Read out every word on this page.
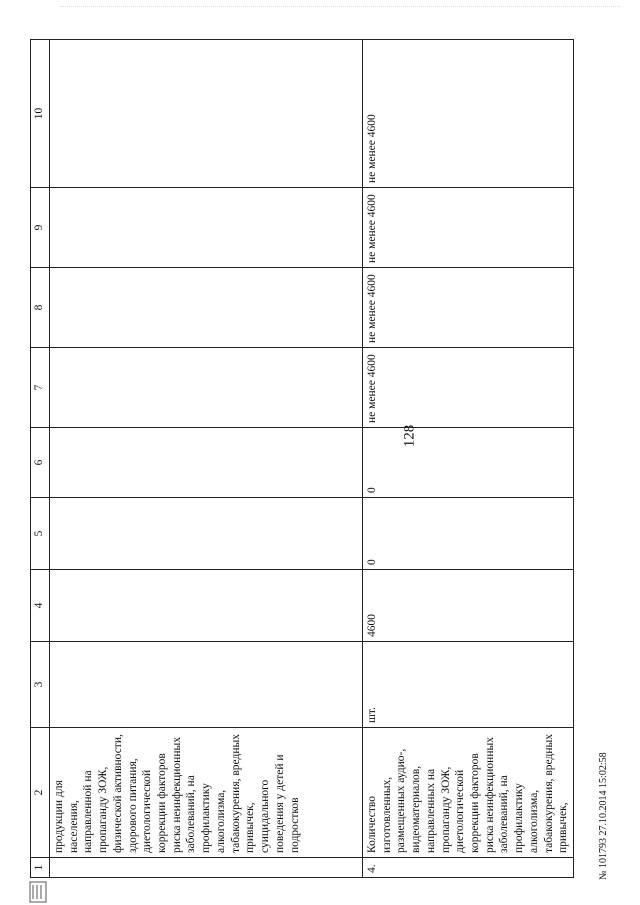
128
1	2	3	4	5	6	7	8	9	10
	продукции для населения, направленной на пропаганду ЗОЖ, физической активности, здорового питания, диетологической коррекции факторов риска неинфекционных заболеваний, на профилактику алкоголизма, табакокурения, вредных привычек, суицидального поведения у детей и подростков								
4.	Количество изготовленных, размещенных аудио-, видеоматериалов, направленных на пропаганду ЗОЖ, диетологической коррекции факторов риска неинфекционных заболеваний, на профилактику алкоголизма, табакокурения, вредных привычек,	шт.	4600	0	0	не менее 4600	не менее 4600	не менее 4600	не менее 4600
№ 101793 27.10.2014 15:02:58
